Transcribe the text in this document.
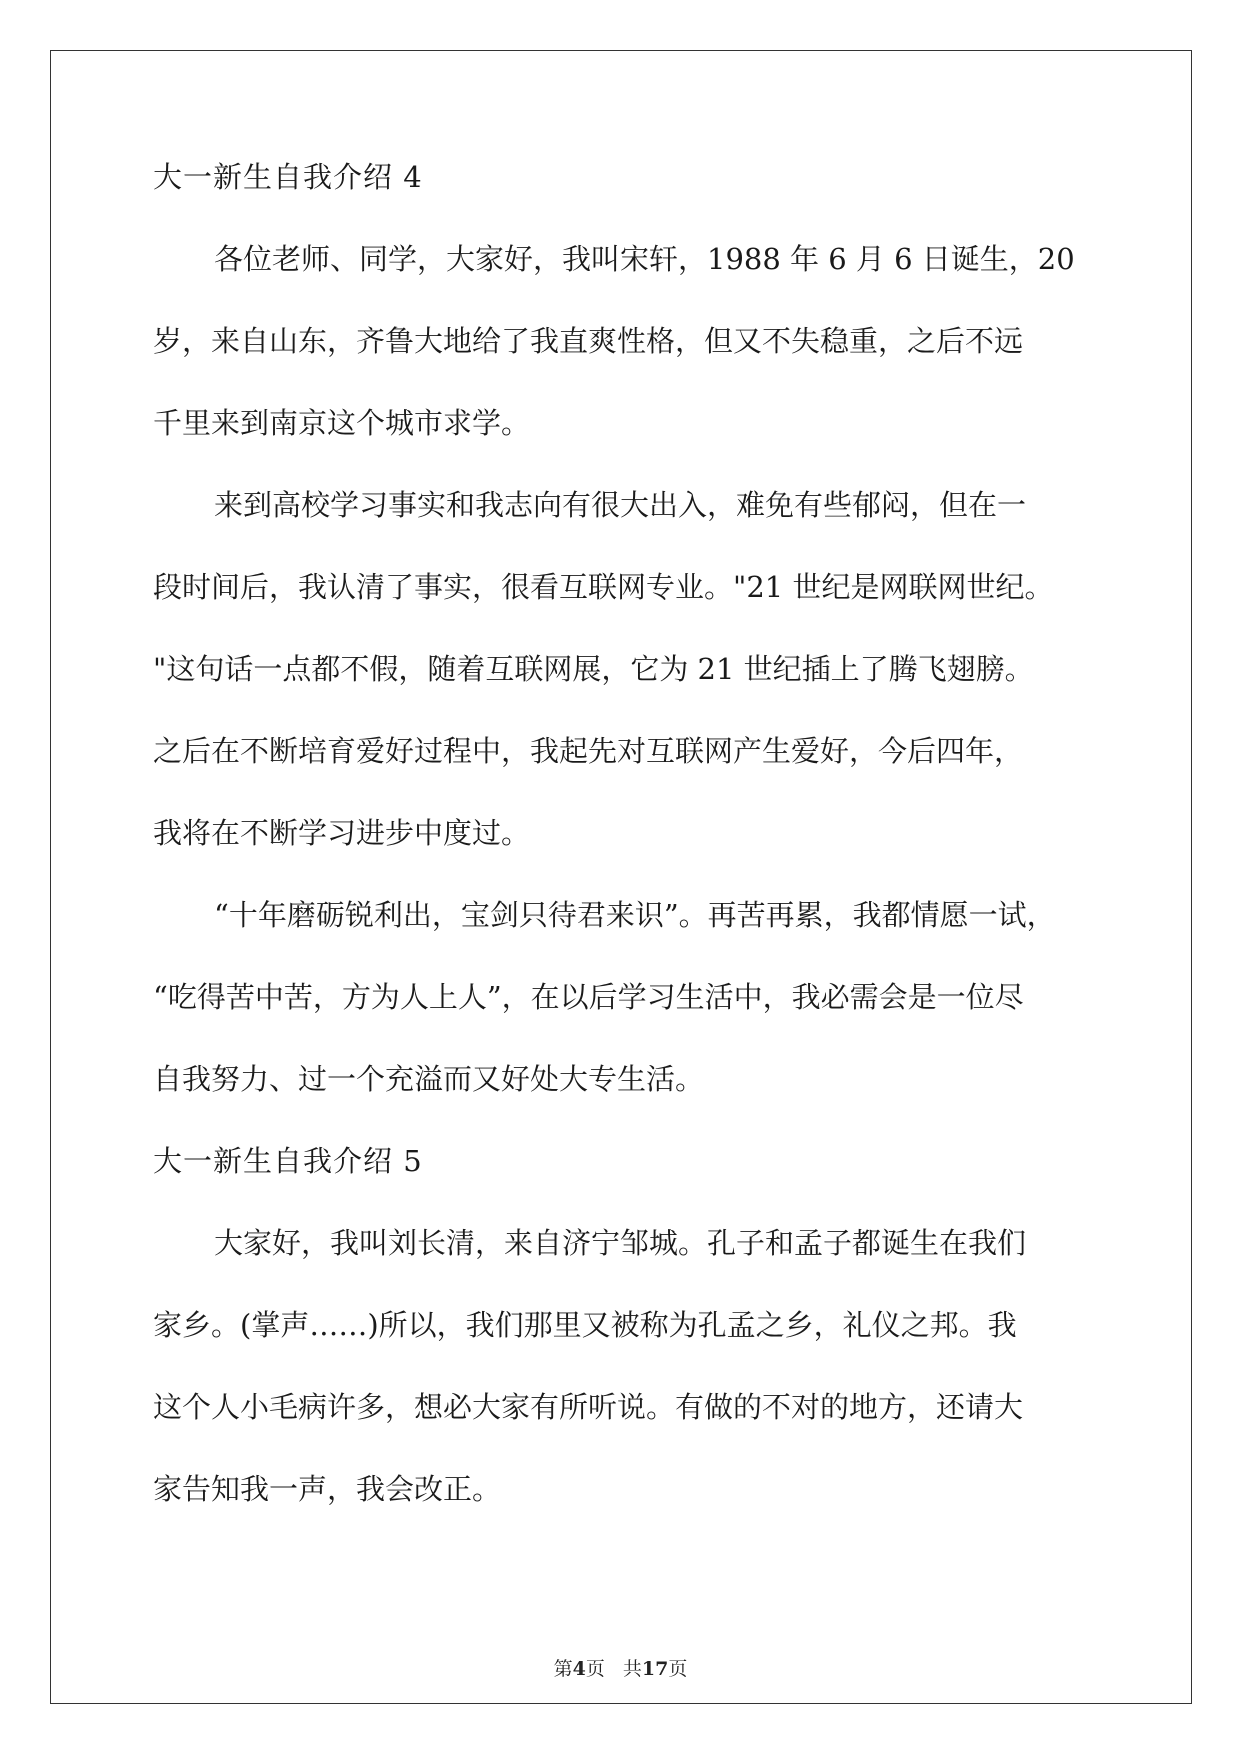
大一新生自我介绍 4
各位老师、同学，大家好，我叫宋轩，1988 年 6 月 6 日诞生，20
岁，来自山东，齐鲁大地给了我直爽性格，但又不失稳重，之后不远
千里来到南京这个城市求学。
来到高校学习事实和我志向有很大出入，难免有些郁闷，但在一
段时间后，我认清了事实，很看互联网专业。"21 世纪是网联网世纪。
"这句话一点都不假，随着互联网展，它为 21 世纪插上了腾飞翅膀。
之后在不断培育爱好过程中，我起先对互联网产生爱好，今后四年，
我将在不断学习进步中度过。
“十年磨砺锐利出，宝剑只待君来识”。再苦再累，我都情愿一试，
“吃得苦中苦，方为人上人”，在以后学习生活中，我必需会是一位尽
自我努力、过一个充溢而又好处大专生活。
大一新生自我介绍 5
大家好，我叫刘长清，来自济宁邹城。孔子和孟子都诞生在我们
家乡。(掌声……)所以，我们那里又被称为孔孟之乡，礼仪之邦。我
这个人小毛病许多，想必大家有所听说。有做的不对的地方，还请大
家告知我一声，我会改正。
第4页 共17页
